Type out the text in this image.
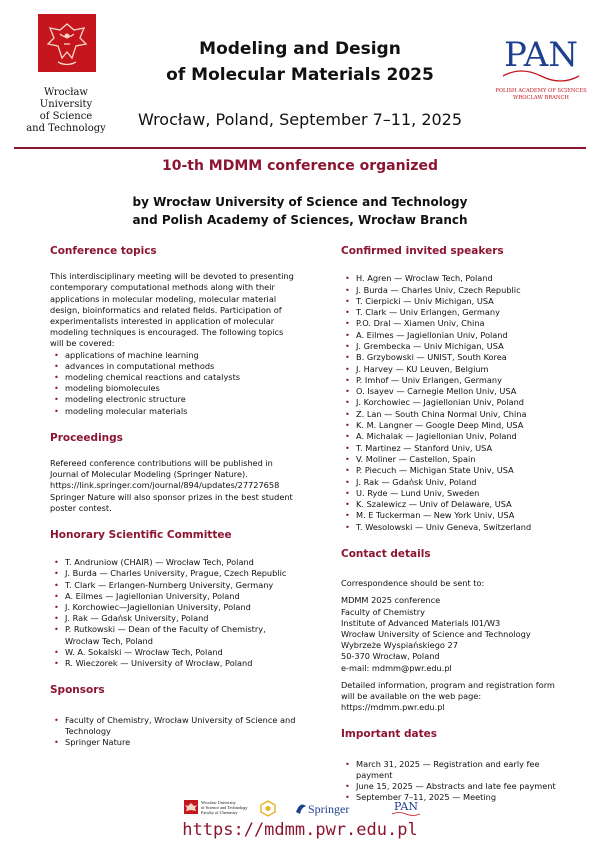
Wrocław
University
of Science
and Technology
Modeling and Design
of Molecular Materials 2025
Wrocław, Poland, September 7–11, 2025
PAN
POLISH ACADEMY OF SCIENCES
WROCLAW BRANCH
10-th MDMM conference organized
by Wrocław University of Science and Technology
and Polish Academy of Sciences, Wrocław Branch
Conference topics

This interdisciplinary meeting will be devoted to presenting contemporary computational methods along with their applications in molecular modeling, molecular material design, bioinformatics and related fields. Participation of experimentalists interested in application of molecular modeling techniques is encouraged. The following topics will be covered:

• applications of machine learning
• advances in computational methods
• modeling chemical reactions and catalysts
• modeling biomolecules
• modeling electronic structure
• modeling molecular materials
Proceedings

Refereed conference contributions will be published in Journal of Molecular Modeling (Springer Nature).

https://link.springer.com/journal/894/updates/27727658

Springer Nature will also sponsor prizes in the best student poster contest.

Honorary Scientific Committee
• T. Andruniow (CHAIR) — Wrocław Tech, Poland
• J. Burda — Charles University, Prague, Czech Republic
• T. Clark — Erlangen-Nurnberg University, Germany
• A. Eilmes — Jagiellonian University, Poland
• J. Korchowiec—Jagiellonian University, Poland
• J. Rak — Gdańsk University, Poland
• P. Rutkowski — Dean of the Faculty of Chemistry, Wrocław Tech, Poland
• W. A. Sokalski — Wrocław Tech, Poland
• R. Wieczorek — University of Wrocław, Poland
Sponsors
• Faculty of Chemistry, Wrocław University of Science and Technology
• Springer Nature
Confirmed invited speakers
• H. Agren — Wroclaw Tech, Poland
• J. Burda — Charles Univ, Czech Republic
• T. Cierpicki — Univ Michigan, USA
• T. Clark — Univ Erlangen, Germany
• P.O. Dral — Xiamen Univ, China
• A. Eilmes — Jagiellonian Univ, Poland
• J. Grembecka — Univ Michigan, USA
• B. Grzybowski — UNIST, South Korea
• J. Harvey — KU Leuven, Belgium
• P. Imhof — Univ Erlangen, Germany
• O. Isayev — Carnegie Mellon Univ, USA
• J. Korchowiec — Jagiellonian Univ, Poland
• Z. Lan — South China Normal Univ, China
• K. M. Langner — Google Deep Mind, USA
• A. Michalak — Jagiellonian Univ, Poland
• T. Martinez — Stanford Univ, USA
• V. Moliner — Castellon, Spain
• P. Piecuch — Michigan State Univ, USA
• J. Rak — Gdańsk Univ, Poland
• U. Ryde — Lund Univ, Sweden
• K. Szalewicz — Univ of Delaware, USA
• M. E Tuckerman — New York Univ, USA
• T. Wesolowski — Univ Geneva, Switzerland
Contact details

Correspondence should be sent to:

MDMM 2025 conference
Faculty of Chemistry
Institute of Advanced Materials I01/W3
Wrocław University of Science and Technology
Wybrzeże Wyspiańskiego 27
50-370 Wrocław, Poland
e-mail: mdmm@pwr.edu.pl

Detailed information, program and registration form will be available on the web page:

https://mdmm.pwr.edu.pl

Important dates
• March 31, 2025 — Registration and early fee payment
• June 15, 2025 — Abstracts and late fee payment
• September 7–11, 2025 — Meeting
Wrocław University
of Science and Technology
Faculty of Chemistry	Springer	PAN
https://mdmm.pwr.edu.pl
